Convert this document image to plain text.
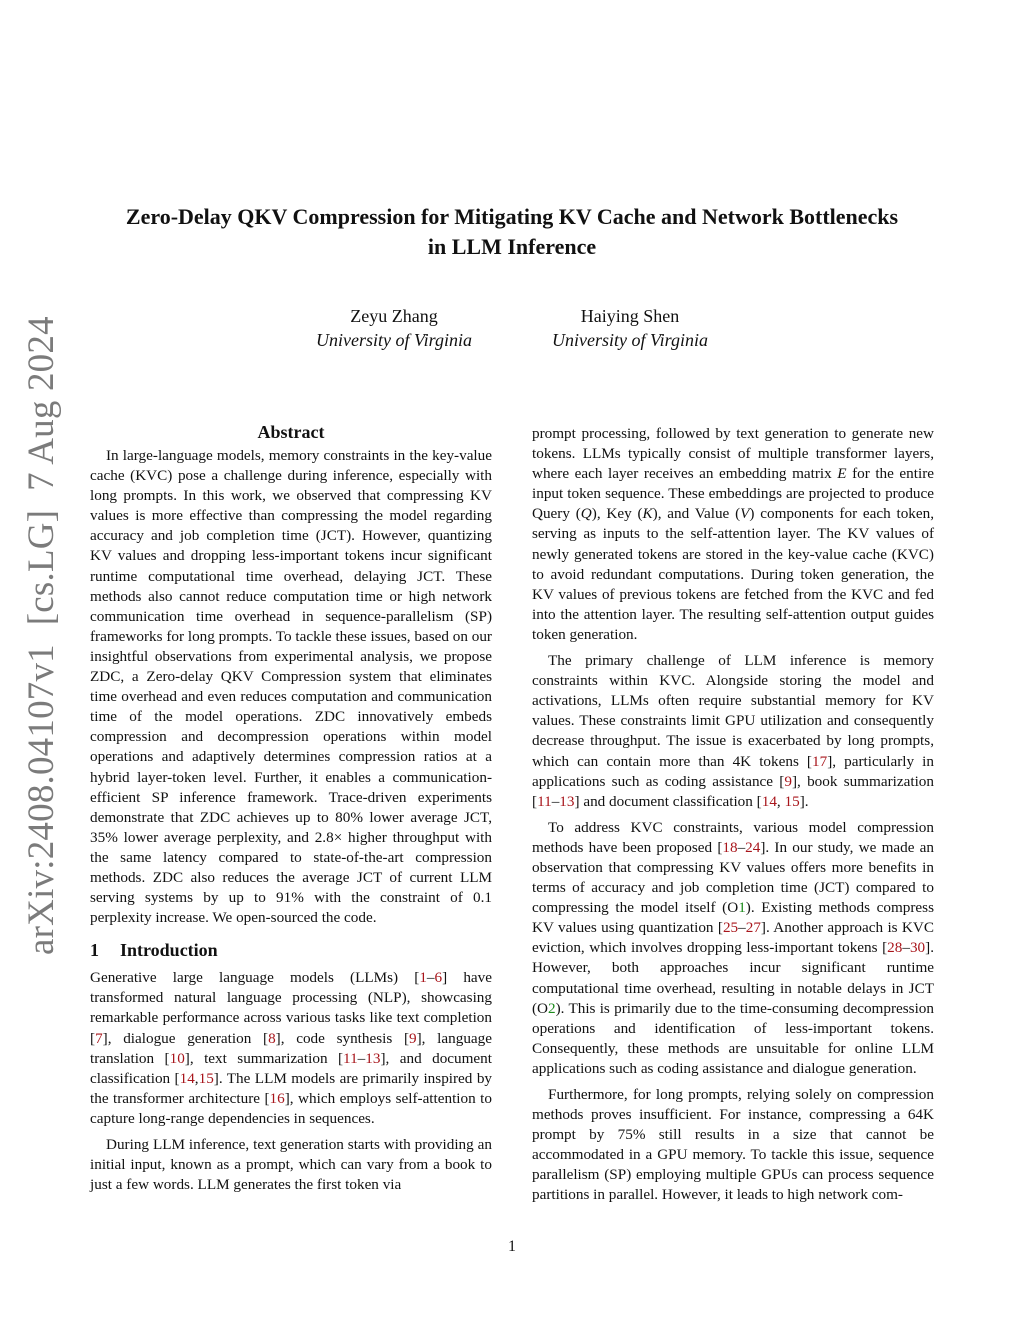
arXiv:2408.04107v1  [cs.LG]  7 Aug 2024
Zero-Delay QKV Compression for Mitigating KV Cache and Network Bottlenecks
in LLM Inference
Zeyu Zhang
University of Virginia
Haiying Shen
University of Virginia
Abstract

In large-language models, memory constraints in the key-value cache (KVC) pose a challenge during inference, especially with long prompts. In this work, we observed that compressing KV values is more effective than compressing the model regarding accuracy and job completion time (JCT). However, quantizing KV values and dropping less-important tokens incur significant runtime computational time overhead, delaying JCT. These methods also cannot reduce computation time or high network communication time overhead in sequence-parallelism (SP) frameworks for long prompts. To tackle these issues, based on our insightful observations from experimental analysis, we propose ZDC, a Zero-delay QKV Compression system that eliminates time overhead and even reduces computation and communication time of the model operations. ZDC innovatively embeds compression and decompression operations within model operations and adaptively determines compression ratios at a hybrid layer-token level. Further, it enables a communication-efficient SP inference framework. Trace-driven experiments demonstrate that ZDC achieves up to 80% lower average JCT, 35% lower average perplexity, and 2.8× higher throughput with the same latency compared to state-of-the-art compression methods. ZDC also reduces the average JCT of current LLM serving systems by up to 91% with the constraint of 0.1 perplexity increase. We open-sourced the code.

1 Introduction

Generative large language models (LLMs) [1–6] have transformed natural language processing (NLP), showcasing remarkable performance across various tasks like text completion [7], dialogue generation [8], code synthesis [9], language translation [10], text summarization [11–13], and document classification [14,15]. The LLM models are primarily inspired by the transformer architecture [16], which employs self-attention to capture long-range dependencies in sequences.

During LLM inference, text generation starts with providing an initial input, known as a prompt, which can vary from a book to just a few words. LLM generates the first token via

prompt processing, followed by text generation to generate new tokens. LLMs typically consist of multiple transformer layers, where each layer receives an embedding matrix E for the entire input token sequence. These embeddings are projected to produce Query (Q), Key (K), and Value (V) components for each token, serving as inputs to the self-attention layer. The KV values of newly generated tokens are stored in the key-value cache (KVC) to avoid redundant computations. During token generation, the KV values of previous tokens are fetched from the KVC and fed into the attention layer. The resulting self-attention output guides token generation.

The primary challenge of LLM inference is memory constraints within KVC. Alongside storing the model and activations, LLMs often require substantial memory for KV values. These constraints limit GPU utilization and consequently decrease throughput. The issue is exacerbated by long prompts, which can contain more than 4K tokens [17], particularly in applications such as coding assistance [9], book summarization [11–13] and document classification [14, 15].

To address KVC constraints, various model compression methods have been proposed [18–24]. In our study, we made an observation that compressing KV values offers more benefits in terms of accuracy and job completion time (JCT) compared to compressing the model itself (O1). Existing methods compress KV values using quantization [25–27]. Another approach is KVC eviction, which involves dropping less-important tokens [28–30]. However, both approaches incur significant runtime computational time overhead, resulting in notable delays in JCT (O2). This is primarily due to the time-consuming decompression operations and identification of less-important tokens. Consequently, these methods are unsuitable for online LLM applications such as coding assistance and dialogue generation.

Furthermore, for long prompts, relying solely on compression methods proves insufficient. For instance, compressing a 64K prompt by 75% still results in a size that cannot be accommodated in a GPU memory. To tackle this issue, sequence parallelism (SP) employing multiple GPUs can process sequence partitions in parallel. However, it leads to high network com-

1
